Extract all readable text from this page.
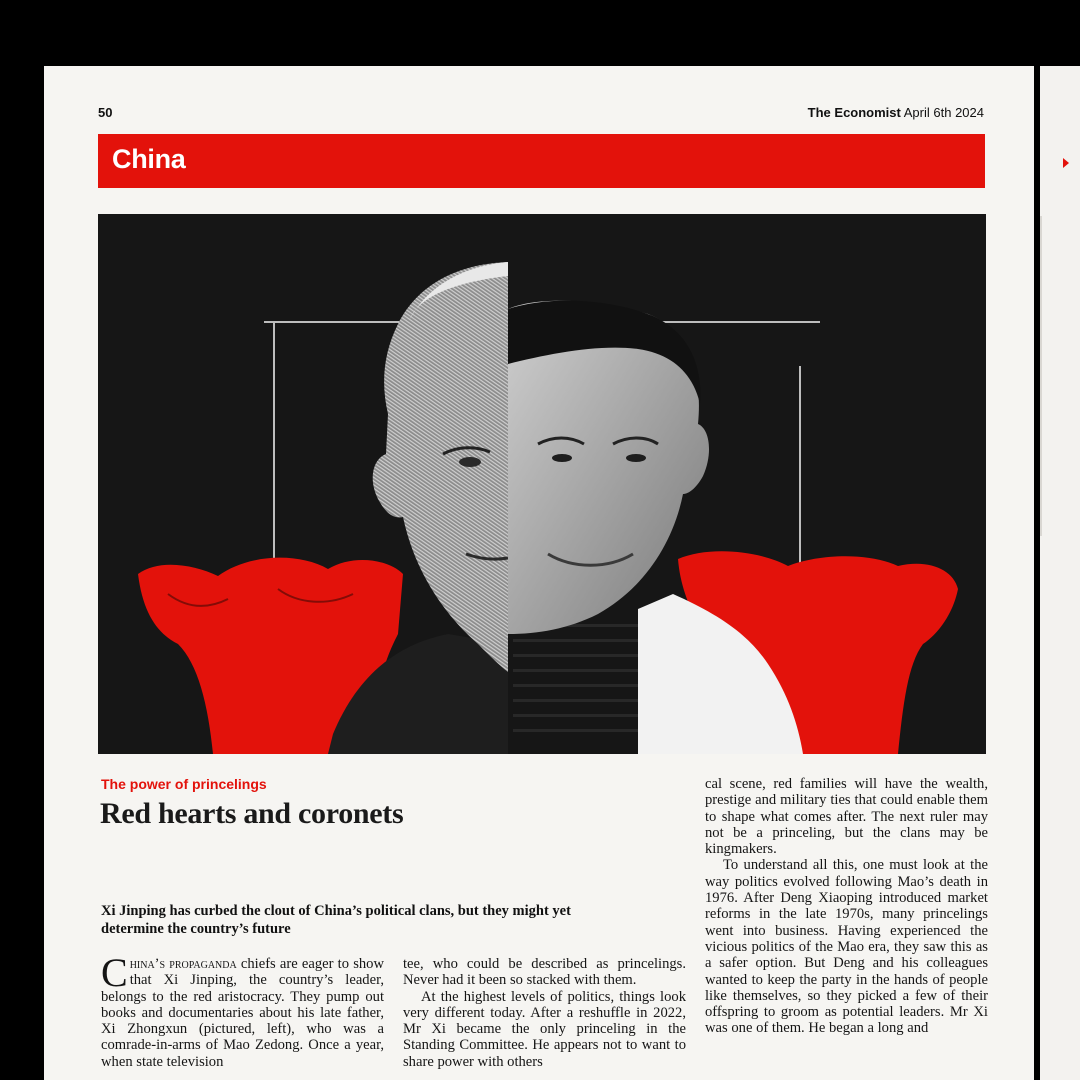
50	The Economist April 6th 2024
China
The power of princelings
Red hearts and coronets
Xi Jinping has curbed the clout of China’s political clans, but they might yet determine the country’s future

China’s propaganda chiefs are eager to show that Xi Jinping, the country’s leader, belongs to the red aristocracy. They pump out books and documentaries about his late father, Xi Zhongxun (pictured, left), who was a comrade-in-arms of Mao Zedong. Once a year, when state television

tee, who could be described as princelings. Never had it been so stacked with them.

At the highest levels of politics, things look very different today. After a reshuffle in 2022, Mr Xi became the only princeling in the Standing Committee. He appears not to want to share power with others

cal scene, red families will have the wealth, prestige and military ties that could enable them to shape what comes after. The next ruler may not be a princeling, but the clans may be kingmakers.

To understand all this, one must look at the way politics evolved following Mao’s death in 1976. After Deng Xiaoping introduced market reforms in the late 1970s, many princelings went into business. Having experienced the vicious politics of the Mao era, they saw this as a safer option. But Deng and his colleagues wanted to keep the party in the hands of people like themselves, so they picked a few of their offspring to groom as potential leaders. Mr Xi was one of them. He began a long and
